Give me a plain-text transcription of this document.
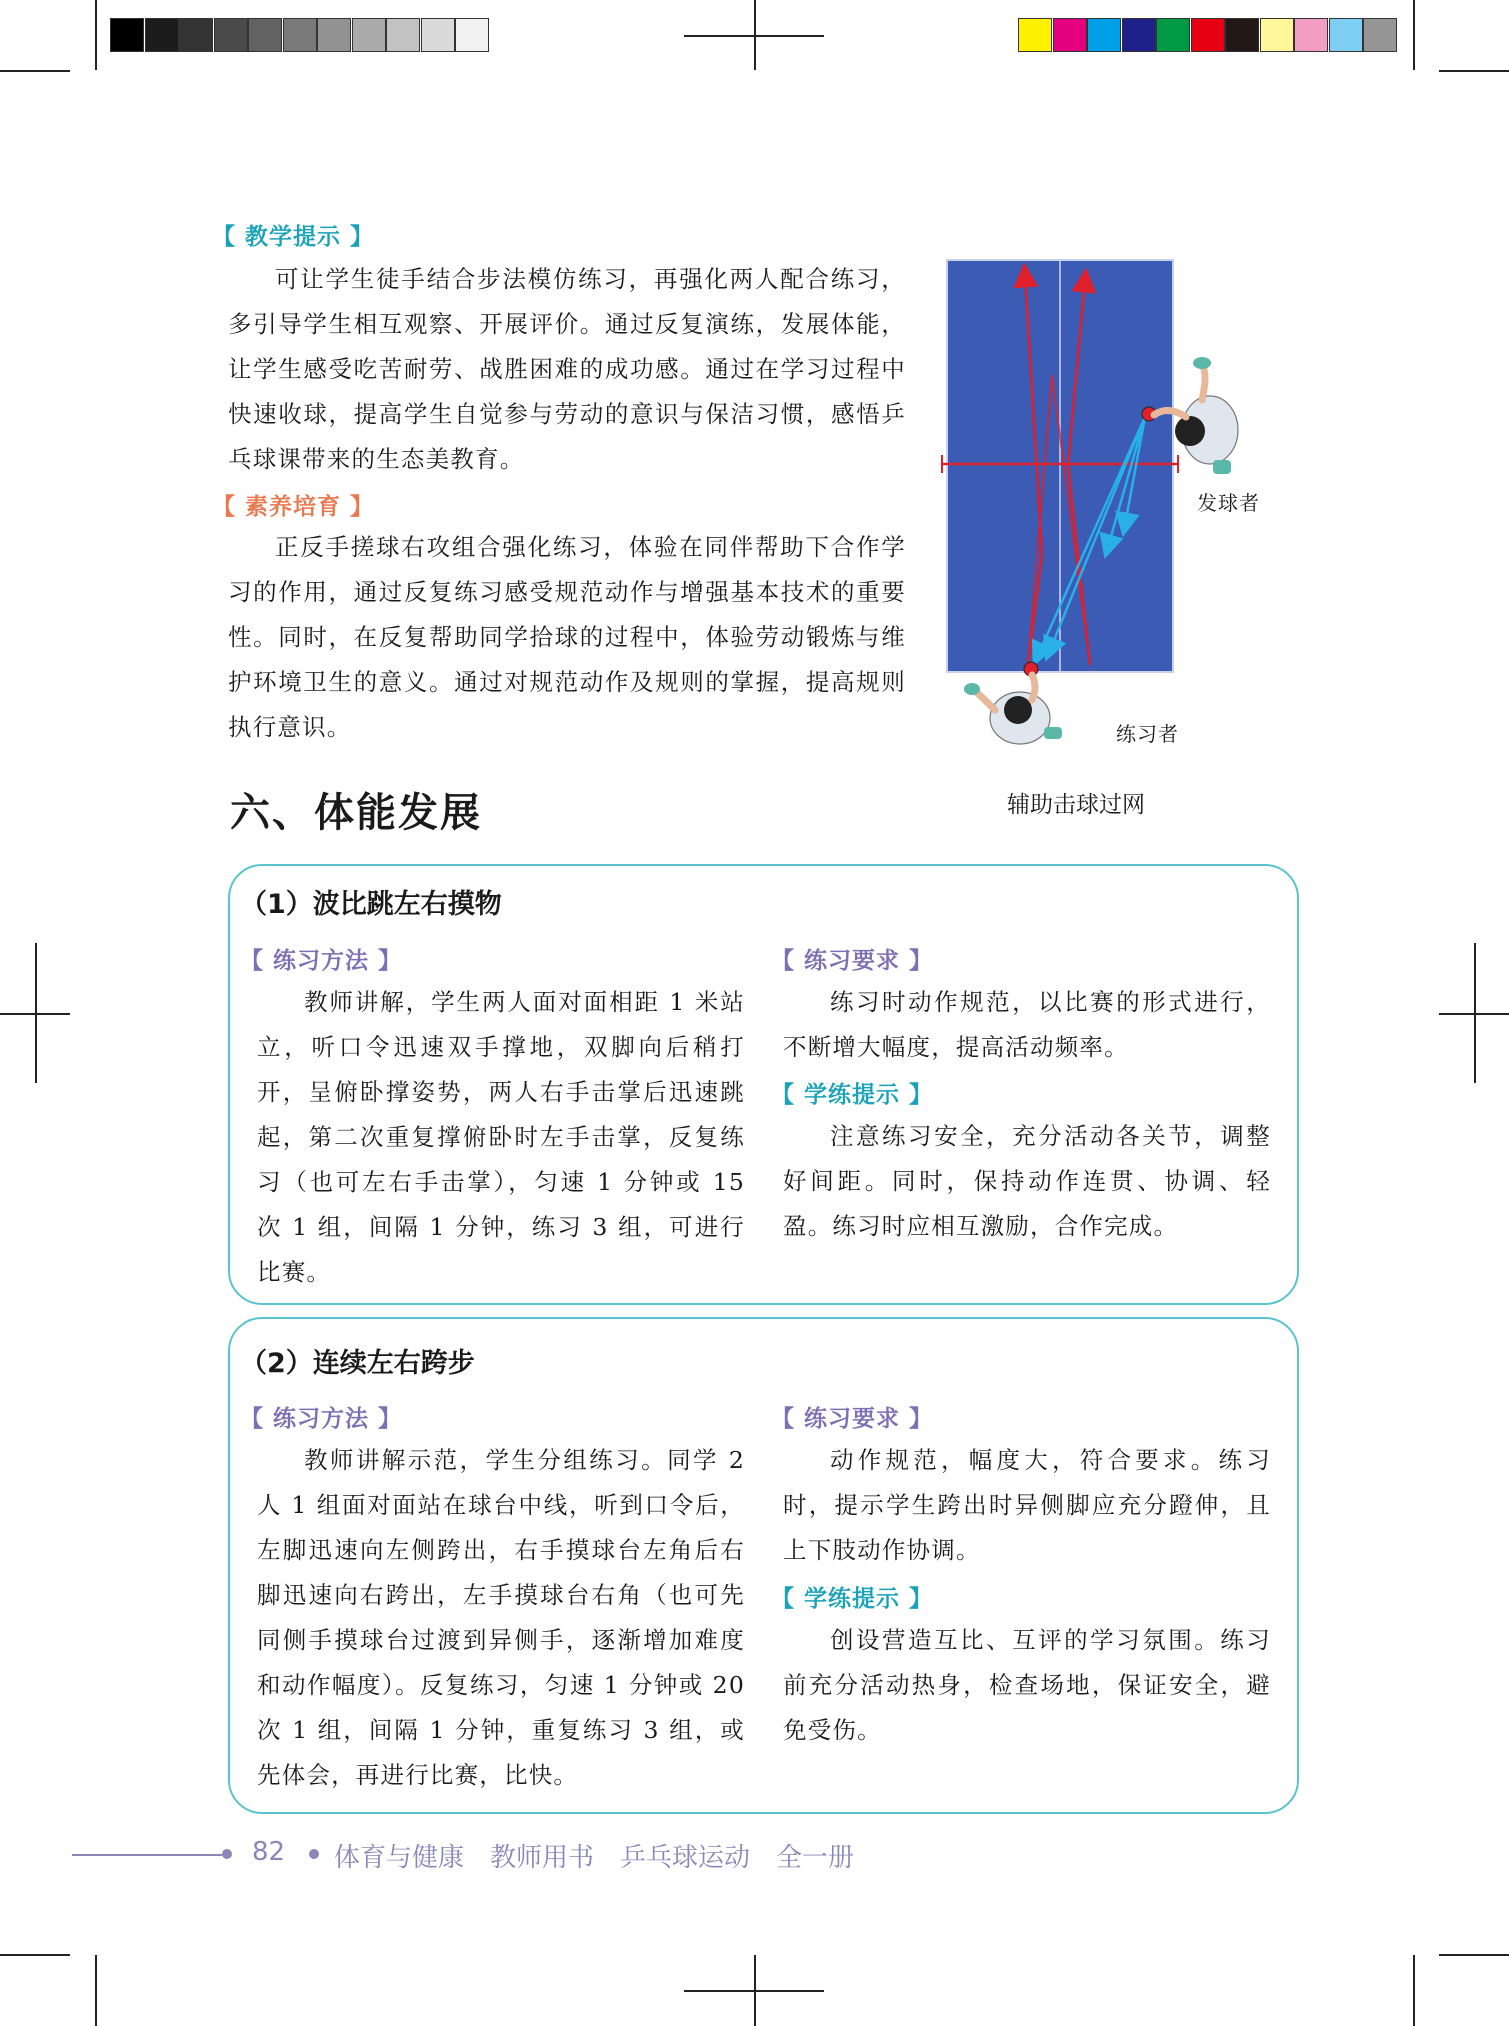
【 教学提示 】

可让学生徒手结合步法模仿练习，再强化两人配合练习，多引导学生相互观察、开展评价。通过反复演练，发展体能，让学生感受吃苦耐劳、战胜困难的成功感。通过在学习过程中快速收球，提高学生自觉参与劳动的意识与保洁习惯，感悟乒乓球课带来的生态美教育。

【 素养培育 】

正反手搓球右攻组合强化练习，体验在同伴帮助下合作学习的作用，通过反复练习感受规范动作与增强基本技术的重要性。同时，在反复帮助同学拾球的过程中，体验劳动锻炼与维护环境卫生的意义。通过对规范动作及规则的掌握，提高规则执行意识。

发球者
练习者
辅助击球过网
六、体能发展
（1）波比跳左右摸物
【 练习方法 】

教师讲解，学生两人面对面相距 1 米站立，听口令迅速双手撑地，双脚向后稍打开，呈俯卧撑姿势，两人右手击掌后迅速跳起，第二次重复撑俯卧时左手击掌，反复练习（也可左右手击掌），匀速 1 分钟或 15 次 1 组，间隔 1 分钟，练习 3 组，可进行比赛。

【 练习要求 】

练习时动作规范，以比赛的形式进行，不断增大幅度，提高活动频率。

【 学练提示 】

注意练习安全，充分活动各关节，调整好间距。同时，保持动作连贯、协调、轻盈。练习时应相互激励，合作完成。

（2）连续左右跨步
【 练习方法 】

教师讲解示范，学生分组练习。同学 2 人 1 组面对面站在球台中线，听到口令后，左脚迅速向左侧跨出，右手摸球台左角后右脚迅速向右跨出，左手摸球台右角（也可先同侧手摸球台过渡到异侧手，逐渐增加难度和动作幅度）。反复练习，匀速 1 分钟或 20 次 1 组，间隔 1 分钟，重复练习 3 组，或先体会，再进行比赛，比快。

【 练习要求 】

动作规范，幅度大，符合要求。练习时，提示学生跨出时异侧脚应充分蹬伸，且上下肢动作协调。

【 学练提示 】

创设营造互比、互评的学习氛围。练习前充分活动热身，检查场地，保证安全，避免受伤。

82 体育与健康　教师用书　乒乓球运动　全一册
